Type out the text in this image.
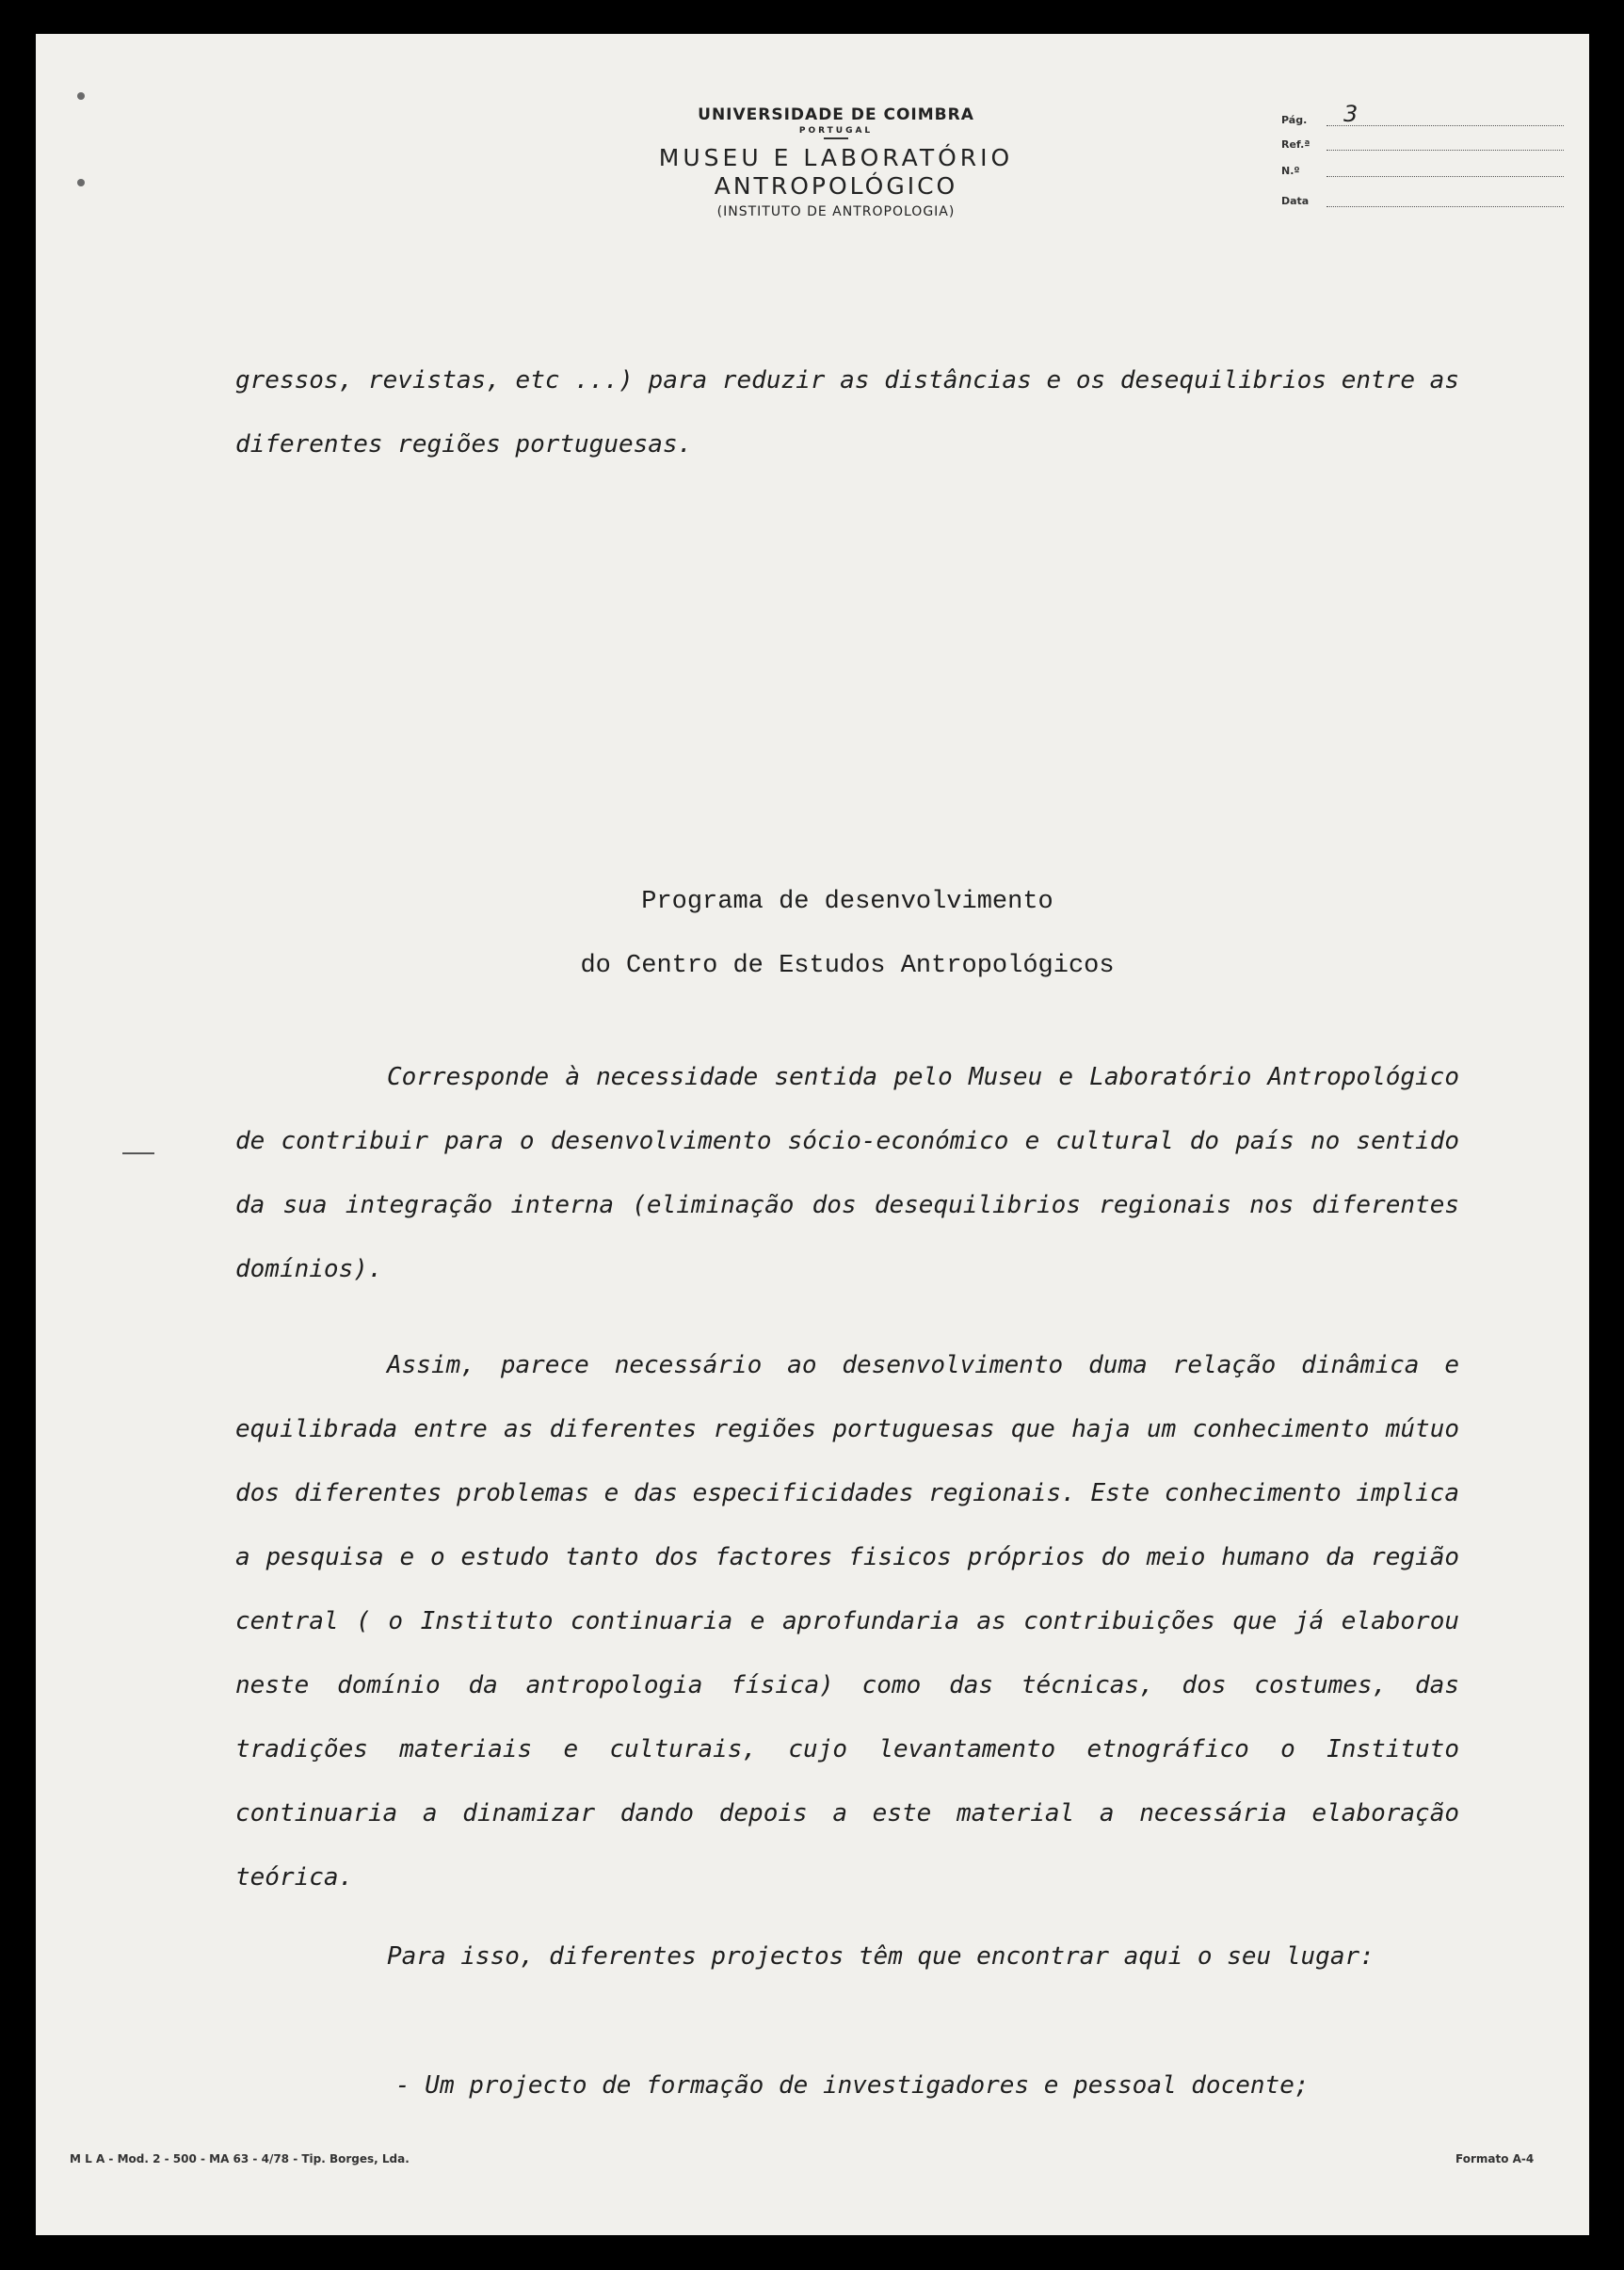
UNIVERSIDADE DE COIMBRA
PORTUGAL
MUSEU E LABORATÓRIO
ANTROPOLÓGICO
(INSTITUTO DE ANTROPOLOGIA)
Pág. 3
Ref.ª
N.º
Data

gressos, revistas, etc ...) para reduzir as distâncias e os desequilibrios entre as diferentes regiões portuguesas.

Programa de desenvolvimento
do Centro de Estudos Antropológicos

Corresponde à necessidade sentida pelo Museu e Laboratório Antropológico de contribuir para o desenvolvimento sócio-económico e cultural do país no sentido da sua integração interna (eliminação dos desequilibrios regionais nos diferentes domínios).

Assim, parece necessário ao desenvolvimento duma relação dinâmica e equilibrada entre as diferentes regiões portuguesas que haja um conhecimento mútuo dos diferentes problemas e das especificidades regionais. Este conhecimento implica a pesquisa e o estudo tanto dos factores fisicos próprios do meio humano da região central ( o Instituto continuaria e aprofundaria as contribuições que já elaborou neste domínio da antropologia física) como das técnicas, dos costumes, das tradições materiais e culturais, cujo levantamento etnográfico o Instituto continuaria a dinamizar dando depois a este material a necessária elaboração teórica.

Para isso, diferentes projectos têm que encontrar aqui o seu lugar:

- Um projecto de formação de investigadores e pessoal docente;
M L A - Mod. 2 - 500 - MA 63 - 4/78 - Tip. Borges, Lda.	Formato A-4
